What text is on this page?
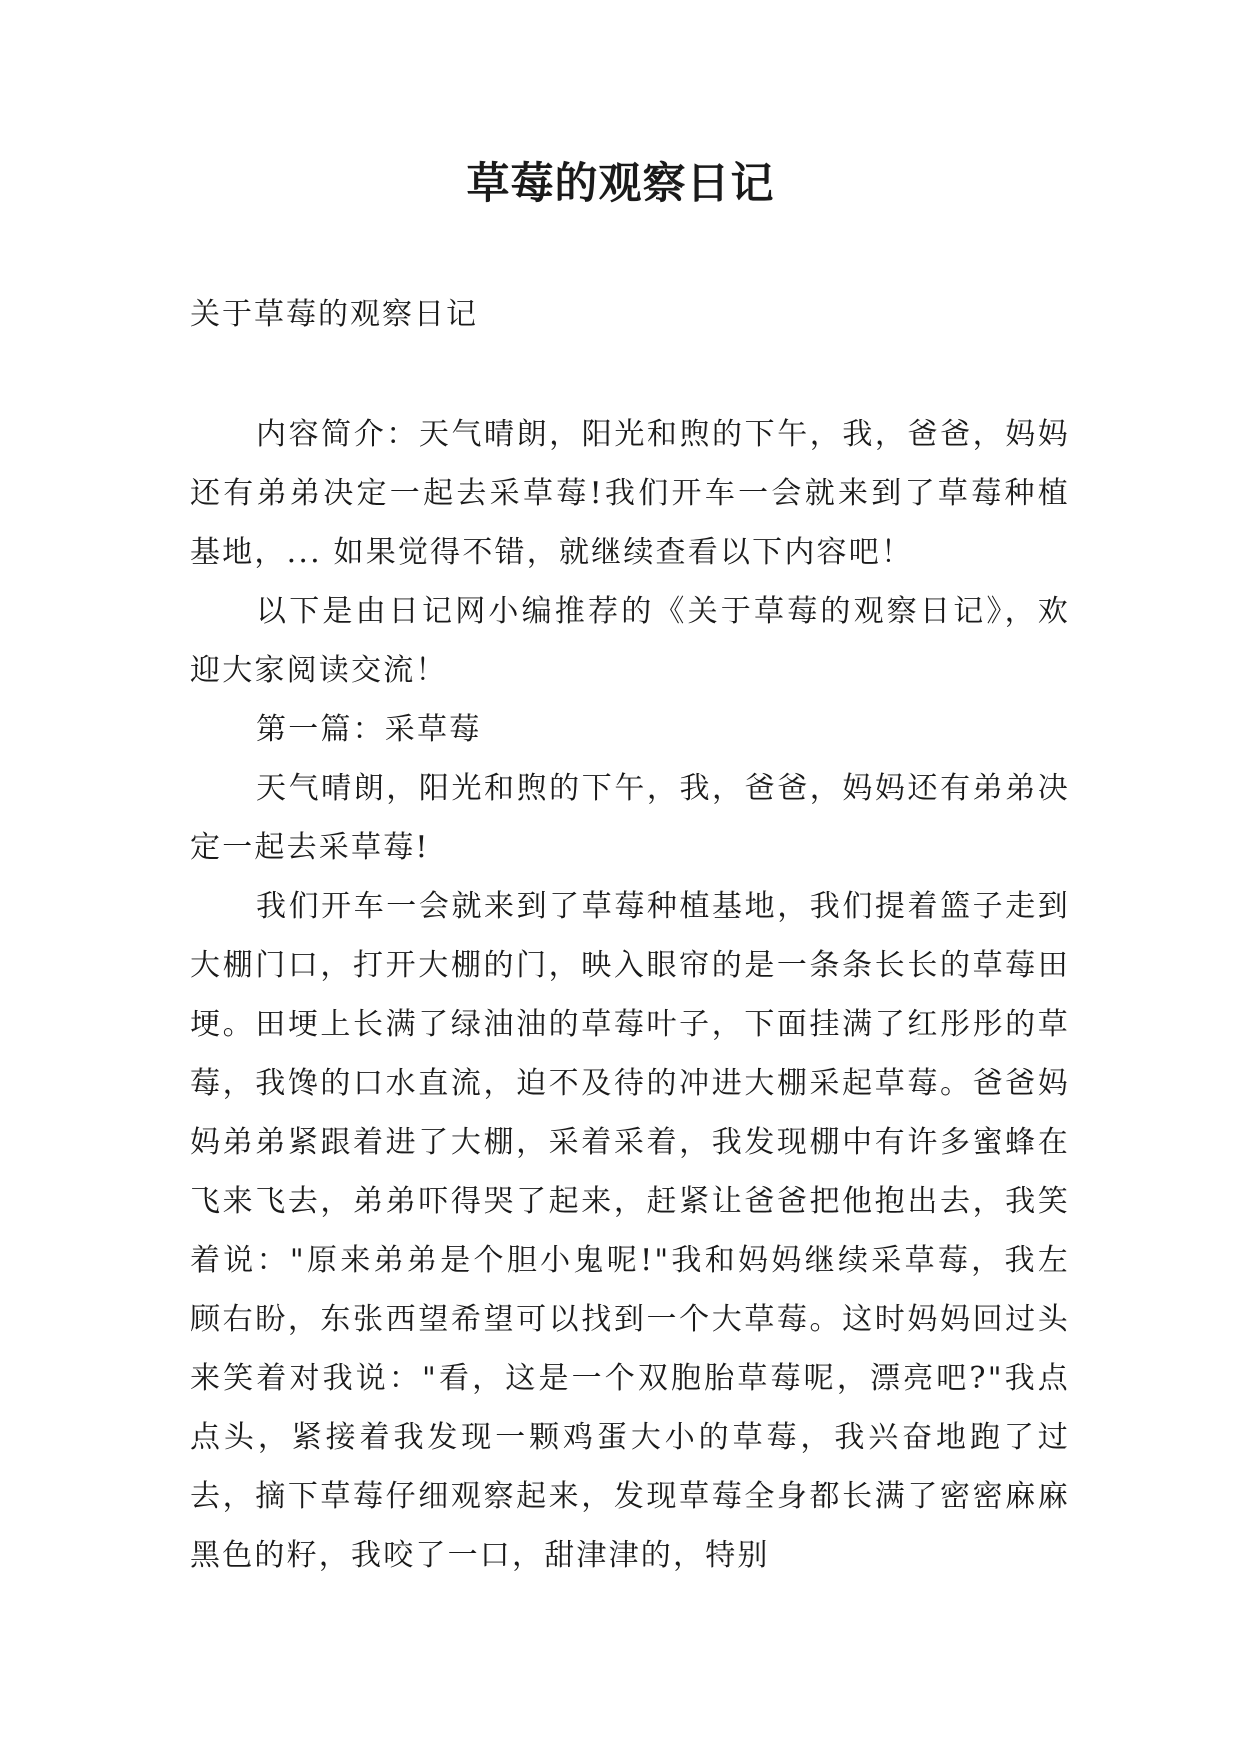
草莓的观察日记

关于草莓的观察日记

内容简介：天气晴朗，阳光和煦的下午，我，爸爸，妈妈还有弟弟决定一起去采草莓!我们开车一会就来到了草莓种植基地，... 如果觉得不错，就继续查看以下内容吧！

以下是由日记网小编推荐的《关于草莓的观察日记》，欢迎大家阅读交流！

第一篇：采草莓

天气晴朗，阳光和煦的下午，我，爸爸，妈妈还有弟弟决定一起去采草莓!

我们开车一会就来到了草莓种植基地，我们提着篮子走到大棚门口，打开大棚的门，映入眼帘的是一条条长长的草莓田埂。田埂上长满了绿油油的草莓叶子，下面挂满了红彤彤的草莓，我馋的口水直流，迫不及待的冲进大棚采起草莓。爸爸妈妈弟弟紧跟着进了大棚，采着采着，我发现棚中有许多蜜蜂在飞来飞去，弟弟吓得哭了起来，赶紧让爸爸把他抱出去，我笑着说："原来弟弟是个胆小鬼呢!"我和妈妈继续采草莓，我左顾右盼，东张西望希望可以找到一个大草莓。这时妈妈回过头来笑着对我说："看，这是一个双胞胎草莓呢，漂亮吧?"我点点头，紧接着我发现一颗鸡蛋大小的草莓，我兴奋地跑了过去，摘下草莓仔细观察起来，发现草莓全身都长满了密密麻麻黑色的籽，我咬了一口，甜津津的，特别
